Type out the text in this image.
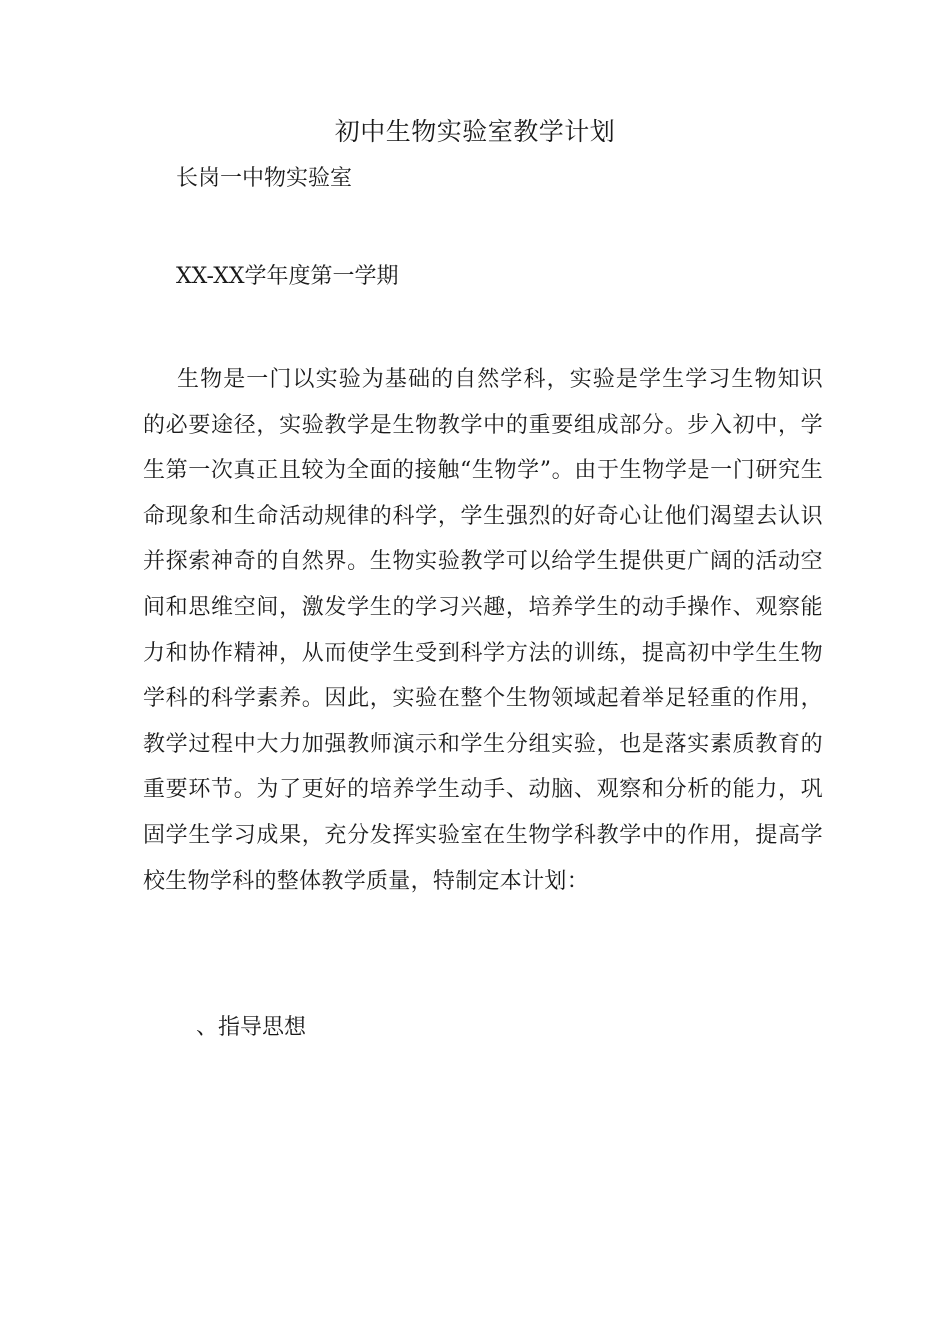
初中生物实验室教学计划
长岗一中物实验室
XX-XX学年度第一学期

生物是一门以实验为基础的自然学科，实验是学生学习生物知识的必要途径，实验教学是生物教学中的重要组成部分。步入初中，学生第一次真正且较为全面的接触“生物学”。由于生物学是一门研究生命现象和生命活动规律的科学，学生强烈的好奇心让他们渴望去认识并探索神奇的自然界。生物实验教学可以给学生提供更广阔的活动空间和思维空间，激发学生的学习兴趣，培养学生的动手操作、观察能力和协作精神，从而使学生受到科学方法的训练，提高初中学生生物学科的科学素养。因此，实验在整个生物领域起着举足轻重的作用，教学过程中大力加强教师演示和学生分组实验，也是落实素质教育的重要环节。为了更好的培养学生动手、动脑、观察和分析的能力，巩固学生学习成果，充分发挥实验室在生物学科教学中的作用，提高学校生物学科的整体教学质量，特制定本计划：

、指导思想
